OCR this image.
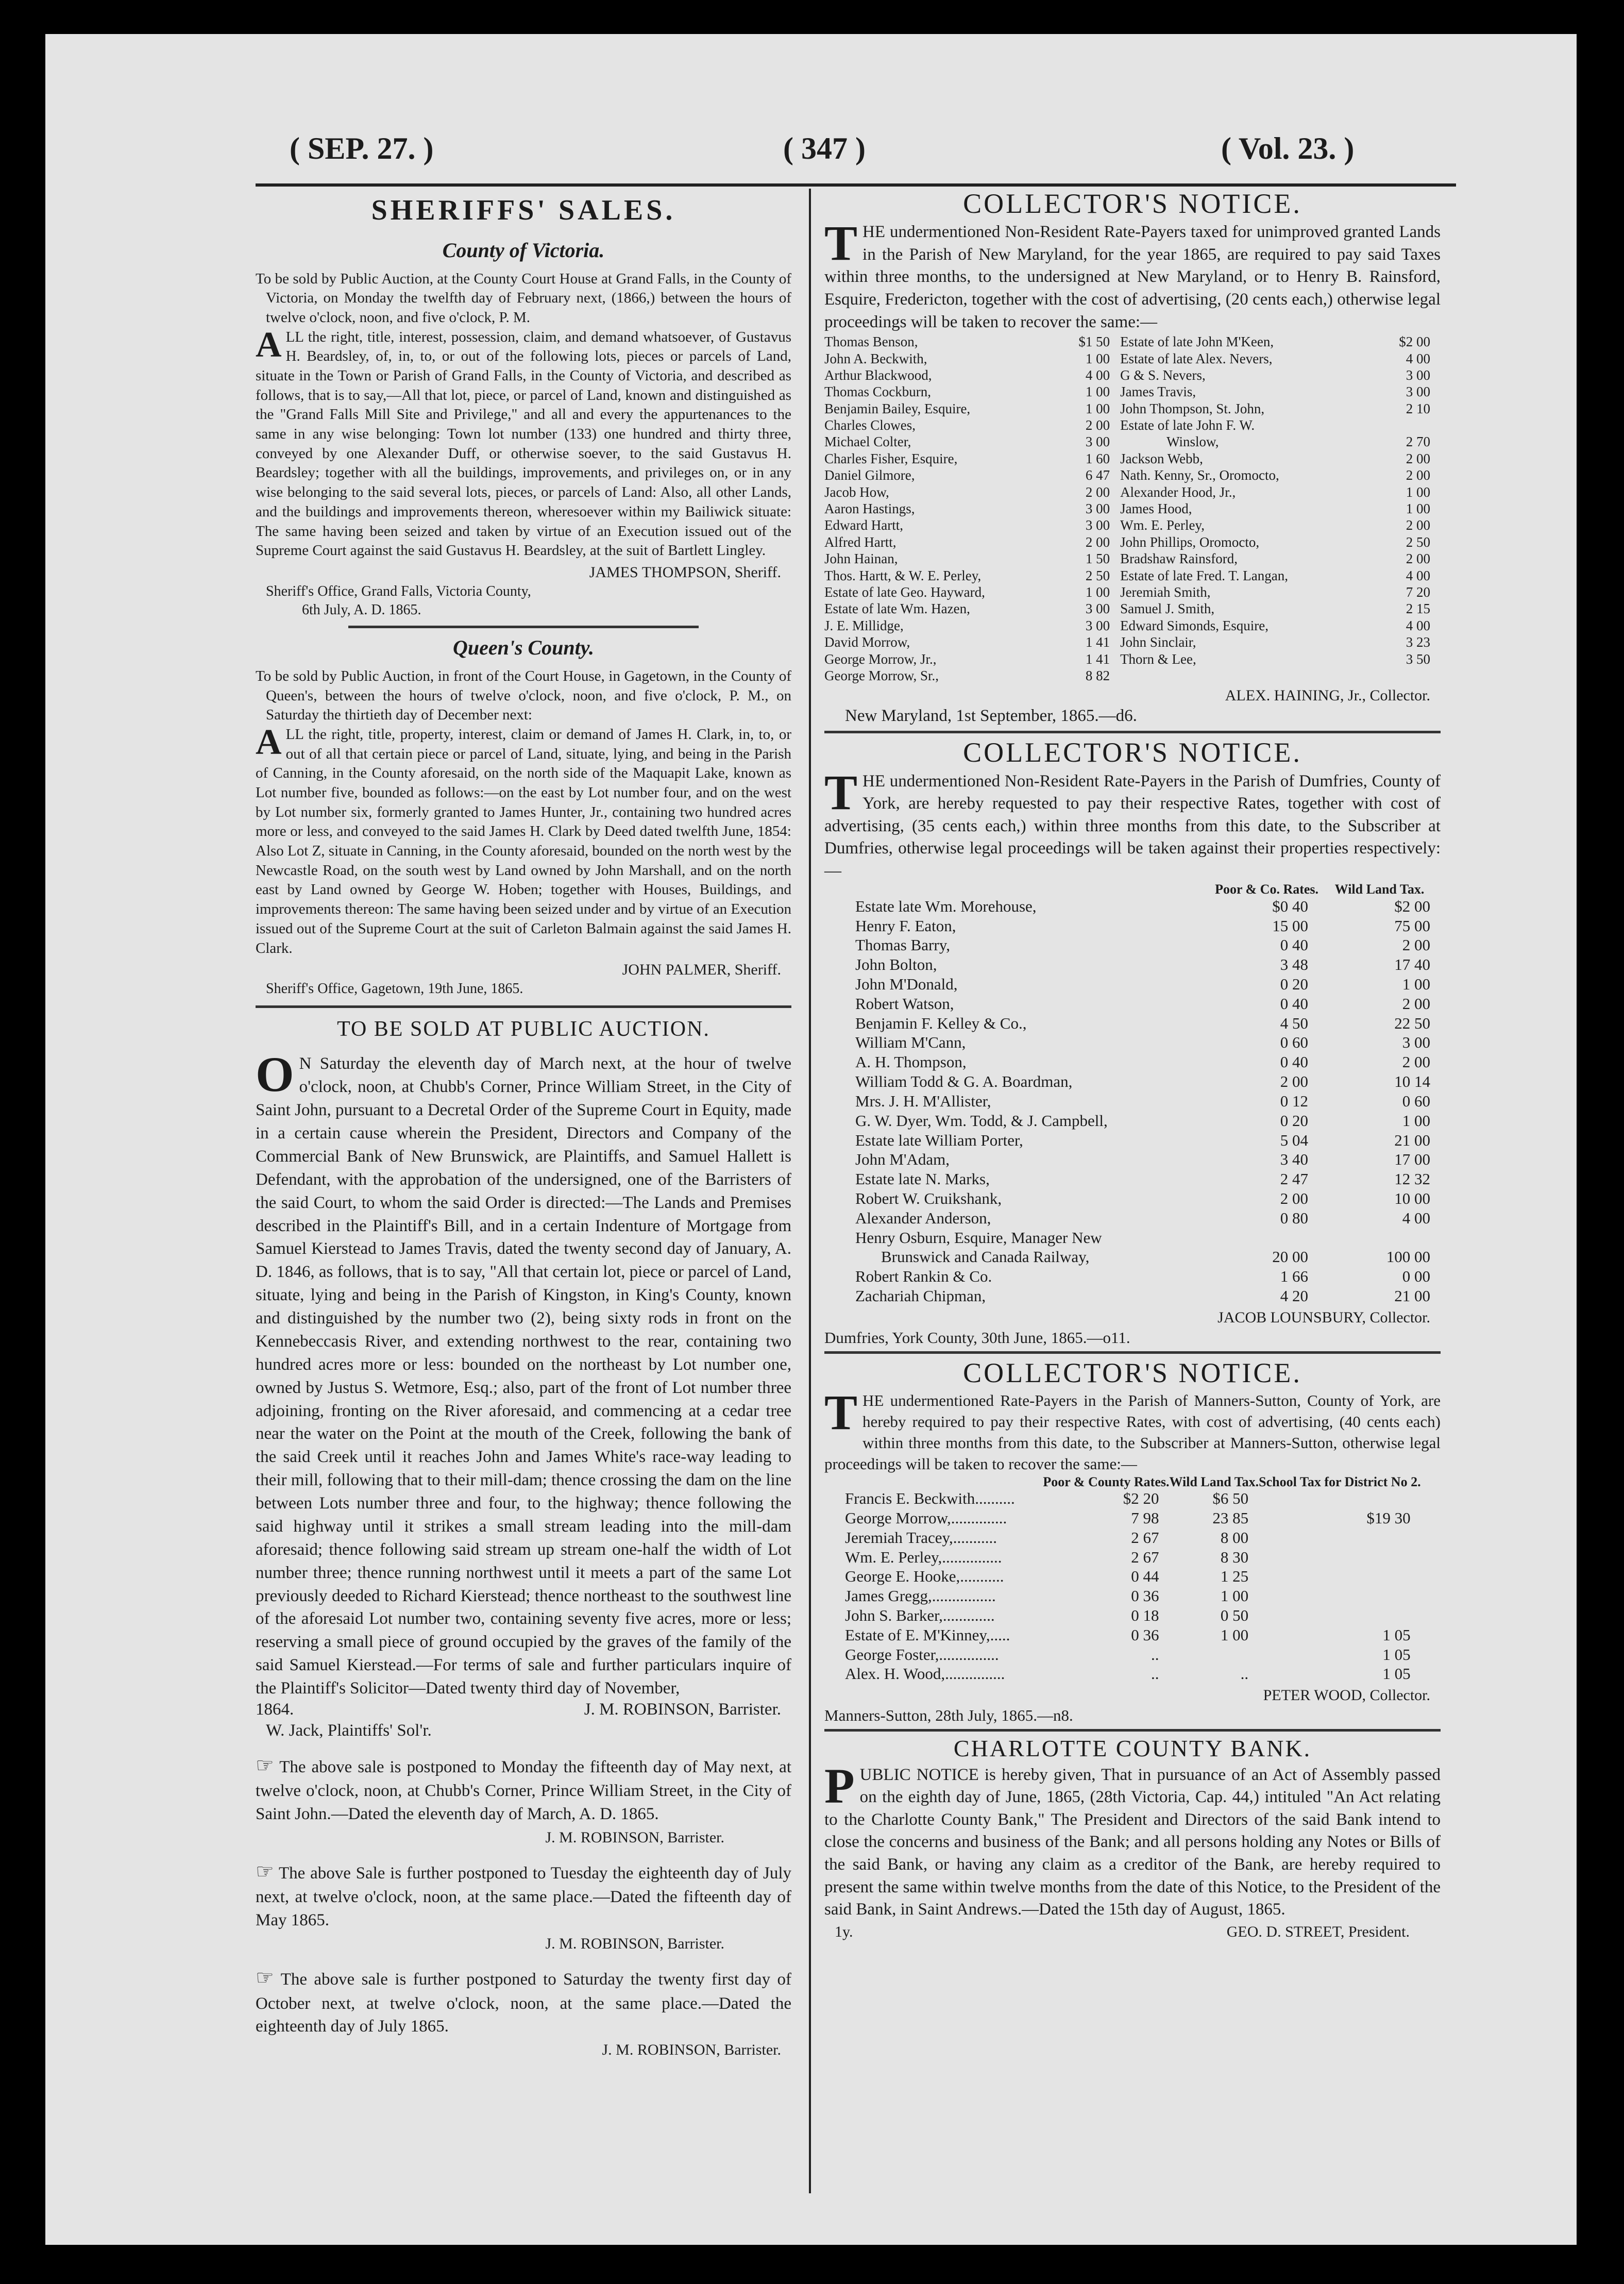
( SEP. 27. )	( 347 )	( Vol. 23. )
SHERIFFS' SALES.
County of Victoria.

To be sold by Public Auction, at the County Court House at Grand Falls, in the County of Victoria, on Monday the twelfth day of February next, (1866,) between the hours of twelve o'clock, noon, and five o'clock, P. M.

ALL the right, title, interest, possession, claim, and demand whatsoever, of Gustavus H. Beardsley, of, in, to, or out of the following lots, pieces or parcels of Land, situate in the Town or Parish of Grand Falls, in the County of Victoria, and described as follows, that is to say,—All that lot, piece, or parcel of Land, known and distinguished as the "Grand Falls Mill Site and Privilege," and all and every the appurtenances to the same in any wise belonging: Town lot number (133) one hundred and thirty three, conveyed by one Alexander Duff, or otherwise soever, to the said Gustavus H. Beardsley; together with all the buildings, improvements, and privileges on, or in any wise belonging to the said several lots, pieces, or parcels of Land: Also, all other Lands, and the buildings and improvements thereon, wheresoever within my Bailiwick situate: The same having been seized and taken by virtue of an Execution issued out of the Supreme Court against the said Gustavus H. Beardsley, at the suit of Bartlett Lingley.

JAMES THOMPSON, Sheriff.
Sheriff's Office, Grand Falls, Victoria County,
6th July, A. D. 1865.
Queen's County.

To be sold by Public Auction, in front of the Court House, in Gagetown, in the County of Queen's, between the hours of twelve o'clock, noon, and five o'clock, P. M., on Saturday the thirtieth day of December next:

ALL the right, title, property, interest, claim or demand of James H. Clark, in, to, or out of all that certain piece or parcel of Land, situate, lying, and being in the Parish of Canning, in the County aforesaid, on the north side of the Maquapit Lake, known as Lot number five, bounded as follows:—on the east by Lot number four, and on the west by Lot number six, formerly granted to James Hunter, Jr., containing two hundred acres more or less, and conveyed to the said James H. Clark by Deed dated twelfth June, 1854: Also Lot Z, situate in Canning, in the County aforesaid, bounded on the north west by the Newcastle Road, on the south west by Land owned by John Marshall, and on the north east by Land owned by George W. Hoben; together with Houses, Buildings, and improvements thereon: The same having been seized under and by virtue of an Execution issued out of the Supreme Court at the suit of Carleton Balmain against the said James H. Clark.

JOHN PALMER, Sheriff.
Sheriff's Office, Gagetown, 19th June, 1865.
TO BE SOLD AT PUBLIC AUCTION.

O N Saturday the eleventh day of March next, at the hour of twelve o'clock, noon, at Chubb's Corner, Prince William Street, in the City of Saint John, pursuant to a Decretal Order of the Supreme Court in Equity, made in a certain cause wherein the President, Directors and Company of the Commercial Bank of New Brunswick, are Plaintiffs, and Samuel Hallett is Defendant, with the approbation of the undersigned, one of the Barristers of the said Court, to whom the said Order is directed:—The Lands and Premises described in the Plaintiff's Bill, and in a certain Indenture of Mortgage from Samuel Kierstead to James Travis, dated the twenty second day of January, A. D. 1846, as follows, that is to say, "All that certain lot, piece or parcel of Land, situate, lying and being in the Parish of Kingston, in King's County, known and distinguished by the number two (2), being sixty rods in front on the Kennebeccasis River, and extending northwest to the rear, containing two hundred acres more or less: bounded on the northeast by Lot number one, owned by Justus S. Wetmore, Esq.; also, part of the front of Lot number three adjoining, fronting on the River aforesaid, and commencing at a cedar tree near the water on the Point at the mouth of the Creek, following the bank of the said Creek until it reaches John and James White's race-way leading to their mill, following that to their mill-dam; thence crossing the dam on the line between Lots number three and four, to the highway; thence following the said highway until it strikes a small stream leading into the mill-dam aforesaid; thence following said stream up stream one-half the width of Lot number three; thence running northwest until it meets a part of the same Lot previously deeded to Richard Kierstead; thence northeast to the southwest line of the aforesaid Lot number two, containing seventy five acres, more or less; reserving a small piece of ground occupied by the graves of the family of the said Samuel Kierstead.—For terms of sale and further particulars inquire of the Plaintiff's Solicitor—Dated twenty third day of November,

1864.	J. M. ROBINSON, Barrister.
W. Jack, Plaintiffs' Sol'r.

☞ The above sale is postponed to Monday the fifteenth day of May next, at twelve o'clock, noon, at Chubb's Corner, Prince William Street, in the City of Saint John.—Dated the eleventh day of March, A. D. 1865.

J. M. ROBINSON, Barrister.

☞ The above Sale is further postponed to Tuesday the eighteenth day of July next, at twelve o'clock, noon, at the same place.—Dated the fifteenth day of May 1865.

J. M. ROBINSON, Barrister.

☞ The above sale is further postponed to Saturday the twenty first day of October next, at twelve o'clock, noon, at the same place.—Dated the eighteenth day of July 1865.

J. M. ROBINSON, Barrister.
COLLECTOR'S NOTICE.

THE undermentioned Non-Resident Rate-Payers taxed for unimproved granted Lands in the Parish of New Maryland, for the year 1865, are required to pay said Taxes within three months, to the undersigned at New Maryland, or to Henry B. Rainsford, Esquire, Fredericton, together with the cost of advertising, (20 cents each,) otherwise legal proceedings will be taken to recover the same:—

Thomas Benson,	$1 50	Estate of late John M'Keen,	$2 00
John A. Beckwith,	1 00	Estate of late Alex. Nevers,	4 00
Arthur Blackwood,	4 00	G & S. Nevers,	3 00
Thomas Cockburn,	1 00	James Travis,	3 00
Benjamin Bailey, Esquire,	1 00	John Thompson, St. John,	2 10
Charles Clowes,	2 00	Estate of late John F. W.	
Michael Colter,	3 00	Winslow,	2 70
Charles Fisher, Esquire,	1 60	Jackson Webb,	2 00
Daniel Gilmore,	6 47	Nath. Kenny, Sr., Oromocto,	2 00
Jacob How,	2 00	Alexander Hood, Jr.,	1 00
Aaron Hastings,	3 00	James Hood,	1 00
Edward Hartt,	3 00	Wm. E. Perley,	2 00
Alfred Hartt,	2 00	John Phillips, Oromocto,	2 50
John Hainan,	1 50	Bradshaw Rainsford,	2 00
Thos. Hartt, & W. E. Perley,	2 50	Estate of late Fred. T. Langan,	4 00
Estate of late Geo. Hayward,	1 00	Jeremiah Smith,	7 20
Estate of late Wm. Hazen,	3 00	Samuel J. Smith,	2 15
J. E. Millidge,	3 00	Edward Simonds, Esquire,	4 00
David Morrow,	1 41	John Sinclair,	3 23
George Morrow, Jr.,	1 41	Thorn & Lee,	3 50
George Morrow, Sr.,	8 82		
ALEX. HAINING, Jr., Collector.
New Maryland, 1st September, 1865.—d6.
COLLECTOR'S NOTICE.

THE undermentioned Non-Resident Rate-Payers in the Parish of Dumfries, County of York, are hereby requested to pay their respective Rates, together with cost of advertising, (35 cents each,) within three months from this date, to the Subscriber at Dumfries, otherwise legal proceedings will be taken against their properties respectively:—

	Poor & Co. Rates.	Wild Land Tax.
Estate late Wm. Morehouse,	$0 40	$2 00
Henry F. Eaton,	15 00	75 00
Thomas Barry,	0 40	2 00
John Bolton,	3 48	17 40
John M'Donald,	0 20	1 00
Robert Watson,	0 40	2 00
Benjamin F. Kelley & Co.,	4 50	22 50
William M'Cann,	0 60	3 00
A. H. Thompson,	0 40	2 00
William Todd & G. A. Boardman,	2 00	10 14
Mrs. J. H. M'Allister,	0 12	0 60
G. W. Dyer, Wm. Todd, & J. Campbell,	0 20	1 00
Estate late William Porter,	5 04	21 00
John M'Adam,	3 40	17 00
Estate late N. Marks,	2 47	12 32
Robert W. Cruikshank,	2 00	10 00
Alexander Anderson,	0 80	4 00
Henry Osburn, Esquire, Manager New		
Brunswick and Canada Railway,	20 00	100 00
Robert Rankin & Co.	1 66	0 00
Zachariah Chipman,	4 20	21 00
JACOB LOUNSBURY, Collector.
Dumfries, York County, 30th June, 1865.—o11.
COLLECTOR'S NOTICE.

THE undermentioned Rate-Payers in the Parish of Manners-Sutton, County of York, are hereby required to pay their respective Rates, with cost of advertising, (40 cents each) within three months from this date, to the Subscriber at Manners-Sutton, otherwise legal proceedings will be taken to recover the same:—

	Poor & County Rates.	Wild Land Tax.	School Tax for District No 2.	
Francis E. Beckwith..........	$2 20	$6 50		
George Morrow,..............	7 98	23 85	$19 30	
Jeremiah Tracey,...........	2 67	8 00		
Wm. E. Perley,...............	2 67	8 30		
George E. Hooke,...........	0 44	1 25		
James Gregg,................	0 36	1 00		
John S. Barker,.............	0 18	0 50		
Estate of E. M'Kinney,.....	0 36	1 00	1 05	
George Foster,...............	..		1 05	
Alex. H. Wood,...............	..	..	1 05	
PETER WOOD, Collector.
Manners-Sutton, 28th July, 1865.—n8.
CHARLOTTE COUNTY BANK.

PUBLIC NOTICE is hereby given, That in pursuance of an Act of Assembly passed on the eighth day of June, 1865, (28th Victoria, Cap. 44,) intituled "An Act relating to the Charlotte County Bank," The President and Directors of the said Bank intend to close the concerns and business of the Bank; and all persons holding any Notes or Bills of the said Bank, or having any claim as a creditor of the Bank, are hereby required to present the same within twelve months from the date of this Notice, to the President of the said Bank, in Saint Andrews.—Dated the 15th day of August, 1865.

1y.	GEO. D. STREET, President.
